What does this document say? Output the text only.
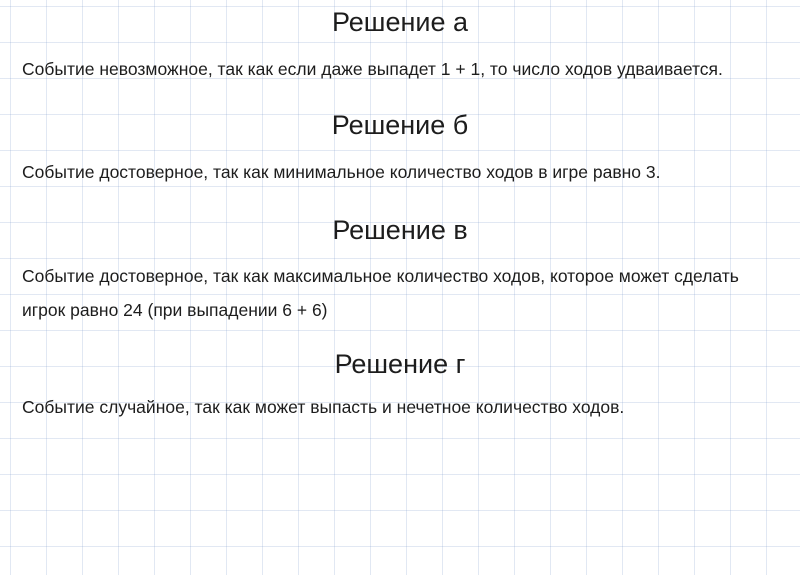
Решение а

Событие невозможное, так как если даже выпадет 1 + 1, то число ходов удваивается.

Решение б

Событие достоверное, так как минимальное количество ходов в игре равно 3.

Решение в

Событие достоверное, так как максимальное количество ходов, которое может сделать игрок равно 24 (при выпадении 6 + 6)

Решение г

Событие случайное, так как может выпасть и нечетное количество ходов.
